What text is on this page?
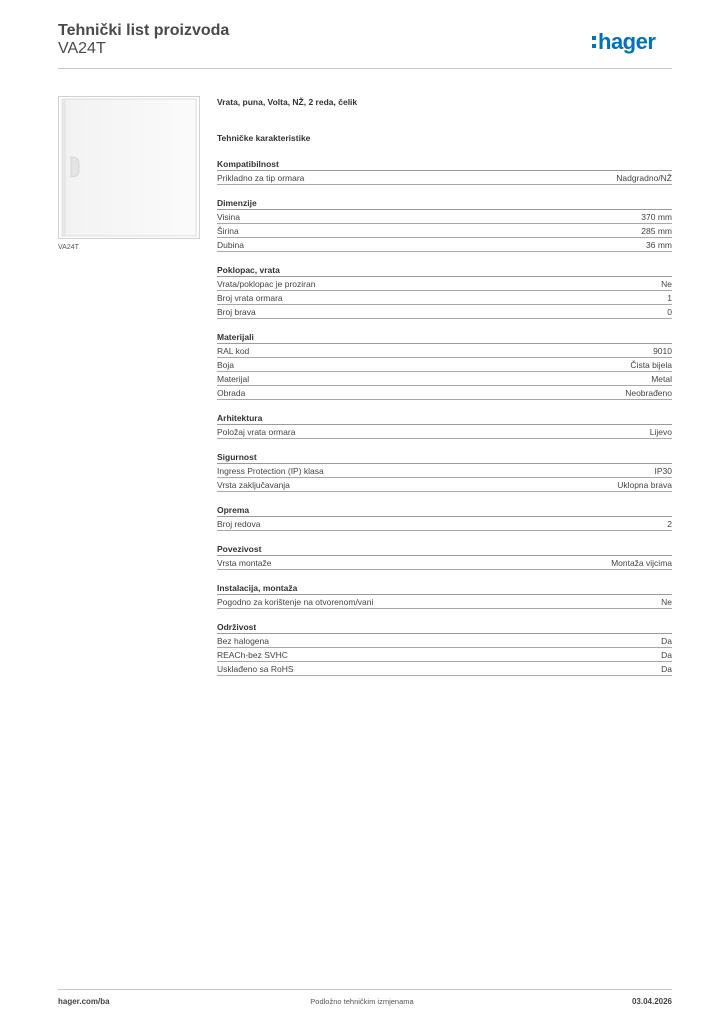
Tehnički list proizvoda
VA24T	hager
VA24T
Vrata, puna, Volta, NŽ, 2 reda, čelik
Tehničke karakteristike
Kompatibilnost
Prikladno za tip ormara	Nadgradno/NŽ
Dimenzije
Visina	370 mm
Širina	285 mm
Dubina	36 mm
Poklopac, vrata
Vrata/poklopac je proziran	Ne
Broj vrata ormara	1
Broj brava	0
Materijali
RAL kod	9010
Boja	Čista bijela
Materijal	Metal
Obrada	Neobrađeno
Arhitektura
Položaj vrata ormara	Lijevo
Sigurnost
Ingress Protection (IP) klasa	IP30
Vrsta zaključavanja	Uklopna brava
Oprema
Broj redova	2
Povezivost
Vrsta montaže	Montaža vijcima
Instalacija, montaža
Pogodno za korištenje na otvorenom/vani	Ne
Održivost
Bez halogena	Da
REACh-bez SVHC	Da
Usklađeno sa RoHS	Da
hager.com/ba	Podložno tehničkim izmjenama	03.04.2026
